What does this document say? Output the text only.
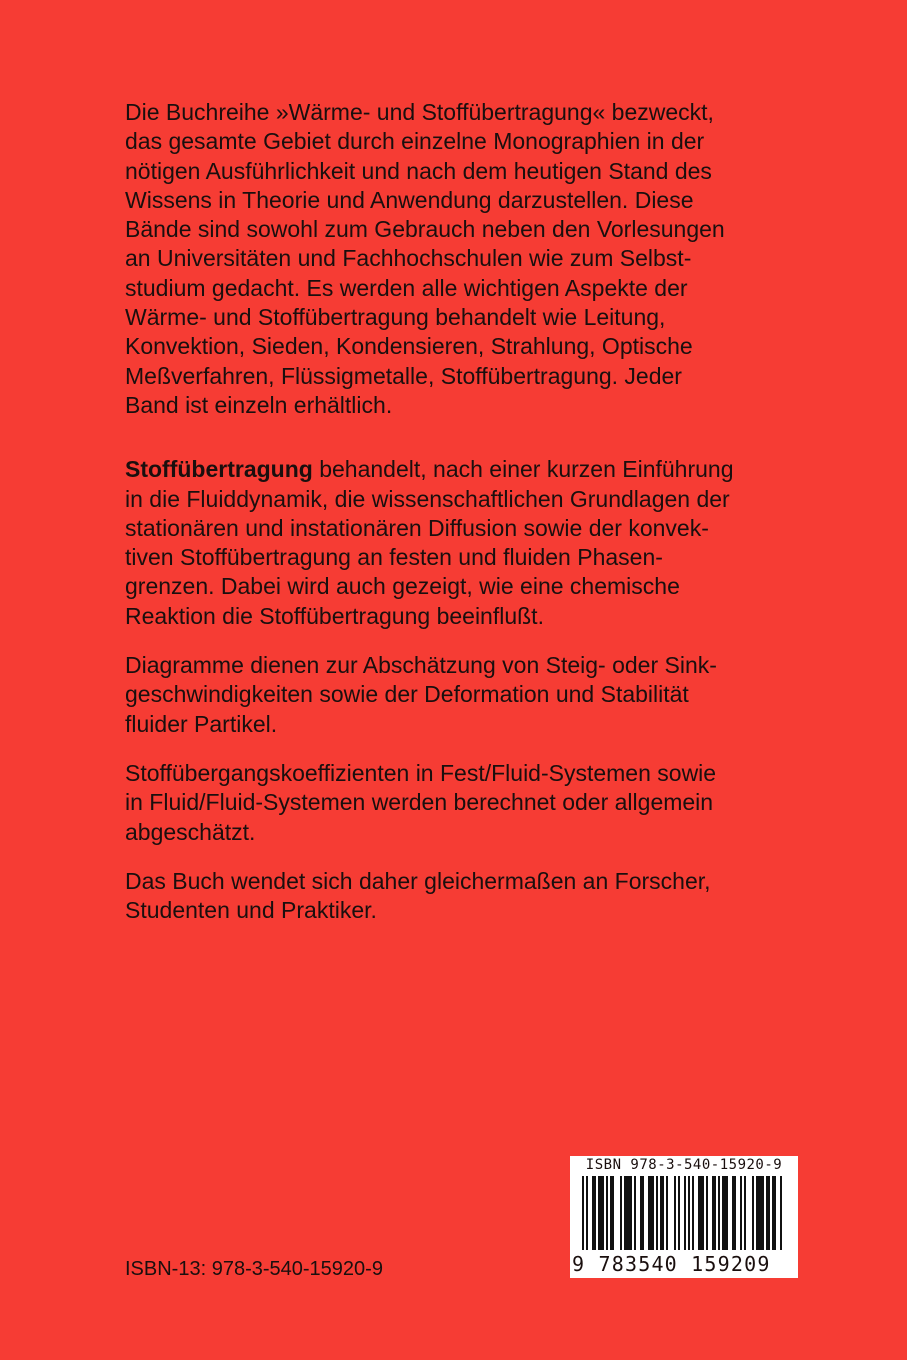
Die Buchreihe »Wärme- und Stoffübertragung« bezweckt,
das gesamte Gebiet durch einzelne Monographien in der
nötigen Ausführlichkeit und nach dem heutigen Stand des
Wissens in Theorie und Anwendung darzustellen. Diese
Bände sind sowohl zum Gebrauch neben den Vorlesungen
an Universitäten und Fachhochschulen wie zum Selbst-
studium gedacht. Es werden alle wichtigen Aspekte der
Wärme- und Stoffübertragung behandelt wie Leitung,
Konvektion, Sieden, Kondensieren, Strahlung, Optische
Meßverfahren, Flüssigmetalle, Stoffübertragung. Jeder
Band ist einzeln erhältlich.

Stoffübertragung behandelt, nach einer kurzen Einführung
in die Fluiddynamik, die wissenschaftlichen Grundlagen der
stationären und instationären Diffusion sowie der konvek-
tiven Stoffübertragung an festen und fluiden Phasen-
grenzen. Dabei wird auch gezeigt, wie eine chemische
Reaktion die Stoffübertragung beeinflußt.

Diagramme dienen zur Abschätzung von Steig- oder Sink-
geschwindigkeiten sowie der Deformation und Stabilität
fluider Partikel.

Stoffübergangskoeffizienten in Fest/Fluid-Systemen sowie
in Fluid/Fluid-Systemen werden berechnet oder allgemein
abgeschätzt.

Das Buch wendet sich daher gleichermaßen an Forscher,
Studenten und Praktiker.

ISBN-13: 978-3-540-15920-9
ISBN 978-3-540-15920-9
9 783540 159209
